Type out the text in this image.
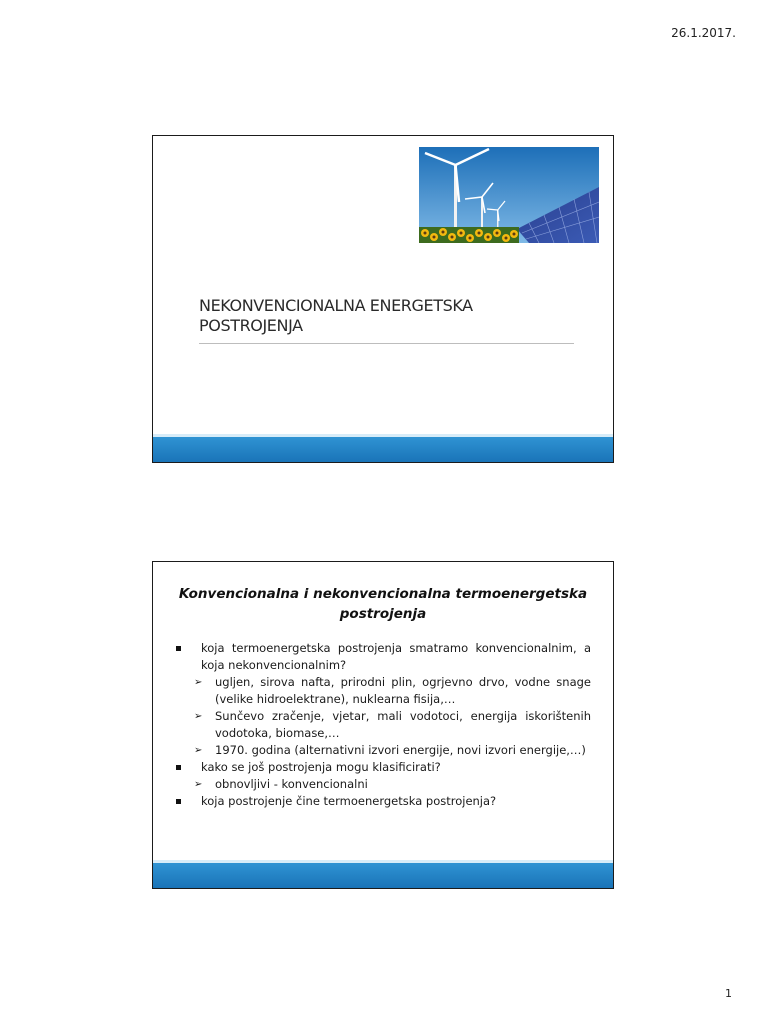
26.1.2017.
NEKONVENCIONALNA ENERGETSKA
POSTROJENJA
Konvencionalna i nekonvencionalna termoenergetska
postrojenja
koja termoenergetska postrojenja smatramo konvencionalnim, a koja nekonvencionalnim?
➢ ugljen, sirova nafta, prirodni plin, ogrjevno drvo, vodne snage (velike hidroelektrane), nuklearna fisija,…
➢ Sunčevo zračenje, vjetar, mali vodotoci, energija iskorištenih vodotoka, biomase,…
➢ 1970. godina (alternativni izvori energije, novi izvori energije,…)
kako se još postrojenja mogu klasificirati?
➢ obnovljivi - konvencionalni
koja postrojenje čine termoenergetska postrojenja?
1
